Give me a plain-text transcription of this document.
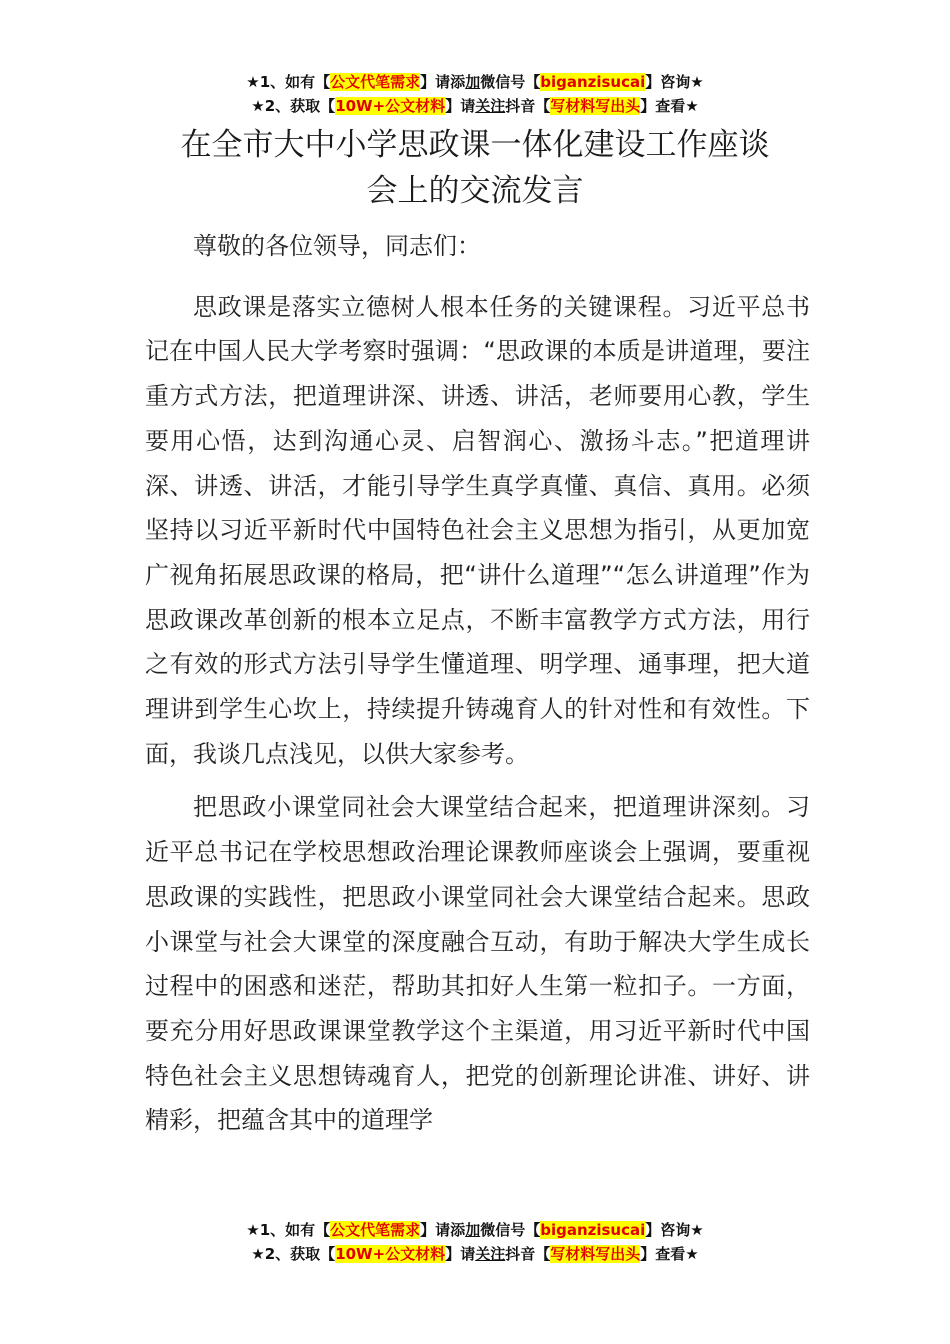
★1、如有【公文代笔需求】请添加微信号【biganzisucai】咨询★
★2、获取【10W+公文材料】请关注抖音【写材料写出头】查看★
在全市大中小学思政课一体化建设工作座谈
会上的交流发言

尊敬的各位领导，同志们：

思政课是落实立德树人根本任务的关键课程。习近平总书记在中国人民大学考察时强调：“思政课的本质是讲道理，要注重方式方法，把道理讲深、讲透、讲活，老师要用心教，学生要用心悟，达到沟通心灵、启智润心、激扬斗志。”把道理讲深、讲透、讲活，才能引导学生真学真懂、真信、真用。必须坚持以习近平新时代中国特色社会主义思想为指引，从更加宽广视角拓展思政课的格局，把“讲什么道理”“怎么讲道理”作为思政课改革创新的根本立足点，不断丰富教学方式方法，用行之有效的形式方法引导学生懂道理、明学理、通事理，把大道理讲到学生心坎上，持续提升铸魂育人的针对性和有效性。下面，我谈几点浅见，以供大家参考。

把思政小课堂同社会大课堂结合起来，把道理讲深刻。习近平总书记在学校思想政治理论课教师座谈会上强调，要重视思政课的实践性，把思政小课堂同社会大课堂结合起来。思政小课堂与社会大课堂的深度融合互动，有助于解决大学生成长过程中的困惑和迷茫，帮助其扣好人生第一粒扣子。一方面，要充分用好思政课课堂教学这个主渠道，用习近平新时代中国特色社会主义思想铸魂育人，把党的创新理论讲准、讲好、讲精彩，把蕴含其中的道理学

★1、如有【公文代笔需求】请添加微信号【biganzisucai】咨询★
★2、获取【10W+公文材料】请关注抖音【写材料写出头】查看★
